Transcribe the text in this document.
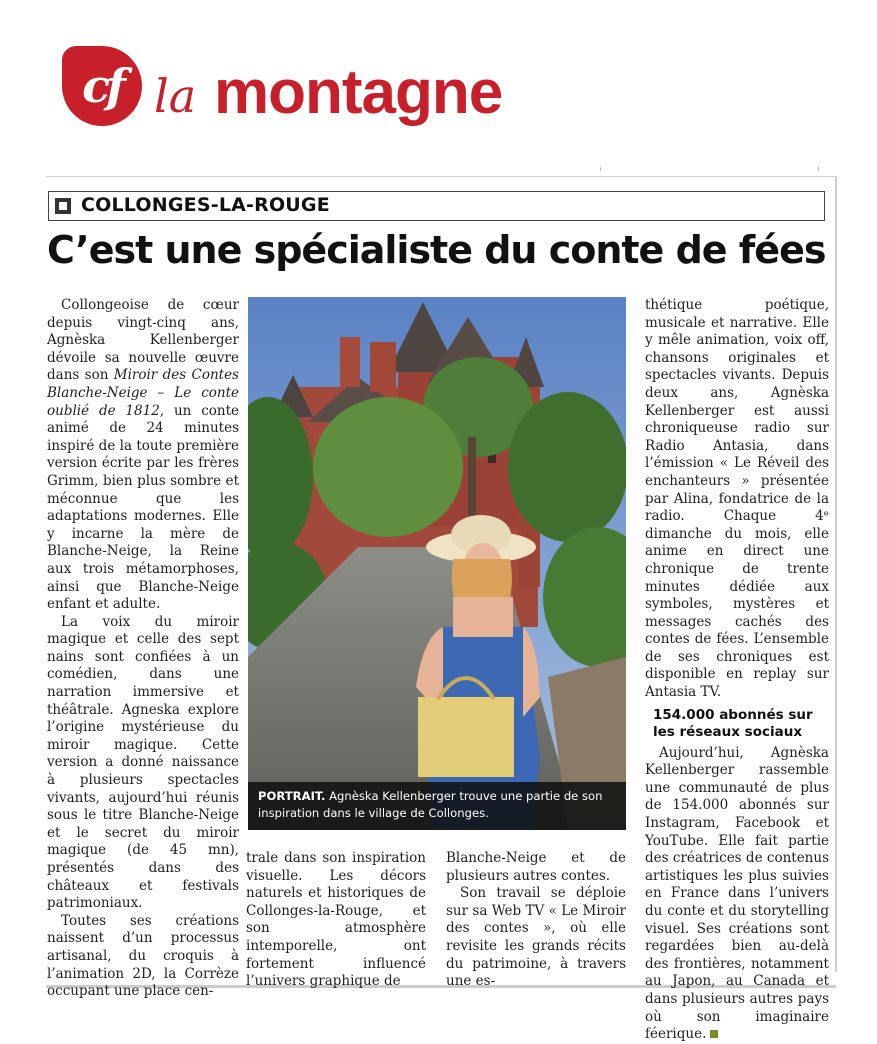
cf la montagne
COLLONGES-LA-ROUGE
C’est une spécialiste du conte de fées

Collongeoise de cœur depuis vingt-cinq ans, Agnèska Kellenberger dévoile sa nouvelle œuvre dans son Miroir des Contes Blanche-Neige – Le conte oublié de 1812, un conte animé de 24 minutes inspiré de la toute première version écrite par les frères Grimm, bien plus sombre et méconnue que les adaptations modernes. Elle y incarne la mère de Blanche-Neige, la Reine aux trois métamorphoses, ainsi que Blanche-Neige enfant et adulte.

La voix du miroir magique et celle des sept nains sont confiées à un comédien, dans une narration immersive et théâtrale. Agneska explore l’origine mystérieuse du miroir magique. Cette version a donné naissance à plusieurs spectacles vivants, aujourd’hui réunis sous le titre Blanche-Neige et le secret du miroir magique (de 45 mn), présentés dans des châteaux et festivals patrimoniaux.

Toutes ses créations naissent d’un processus artisanal, du croquis à l’animation 2D, la Corrèze occupant une place cen-

PORTRAIT. Agnèska Kellenberger trouve une partie de son inspiration dans le village de Collonges.

trale dans son inspiration visuelle. Les décors naturels et historiques de Collonges-la-Rouge, et son atmosphère intemporelle, ont fortement influencé l’univers graphique de

Blanche-Neige et de plusieurs autres contes.

Son travail se déploie sur sa Web TV « Le Miroir des contes », où elle revisite les grands récits du patrimoine, à travers une es-

thétique poétique, musicale et narrative. Elle y mêle animation, voix off, chansons originales et spectacles vivants. Depuis deux ans, Agnèska Kellenberger est aussi chroniqueuse radio sur Radio Antasia, dans l’émission « Le Réveil des enchanteurs » présentée par Alina, fondatrice de la radio. Chaque 4ᵉ dimanche du mois, elle anime en direct une chronique de trente minutes dédiée aux symboles, mystères et messages cachés des contes de fées. L’ensemble de ses chroniques est disponible en replay sur Antasia TV.

154.000 abonnés sur les réseaux sociaux

Aujourd’hui, Agnèska Kellenberger rassemble une communauté de plus de 154.000 abonnés sur Instagram, Facebook et YouTube. Elle fait partie des créatrices de contenus artistiques les plus suivies en France dans l’univers du conte et du storytelling visuel. Ses créations sont regardées bien au-delà des frontières, notamment au Japon, au Canada et dans plusieurs autres pays où son imaginaire féerique.
